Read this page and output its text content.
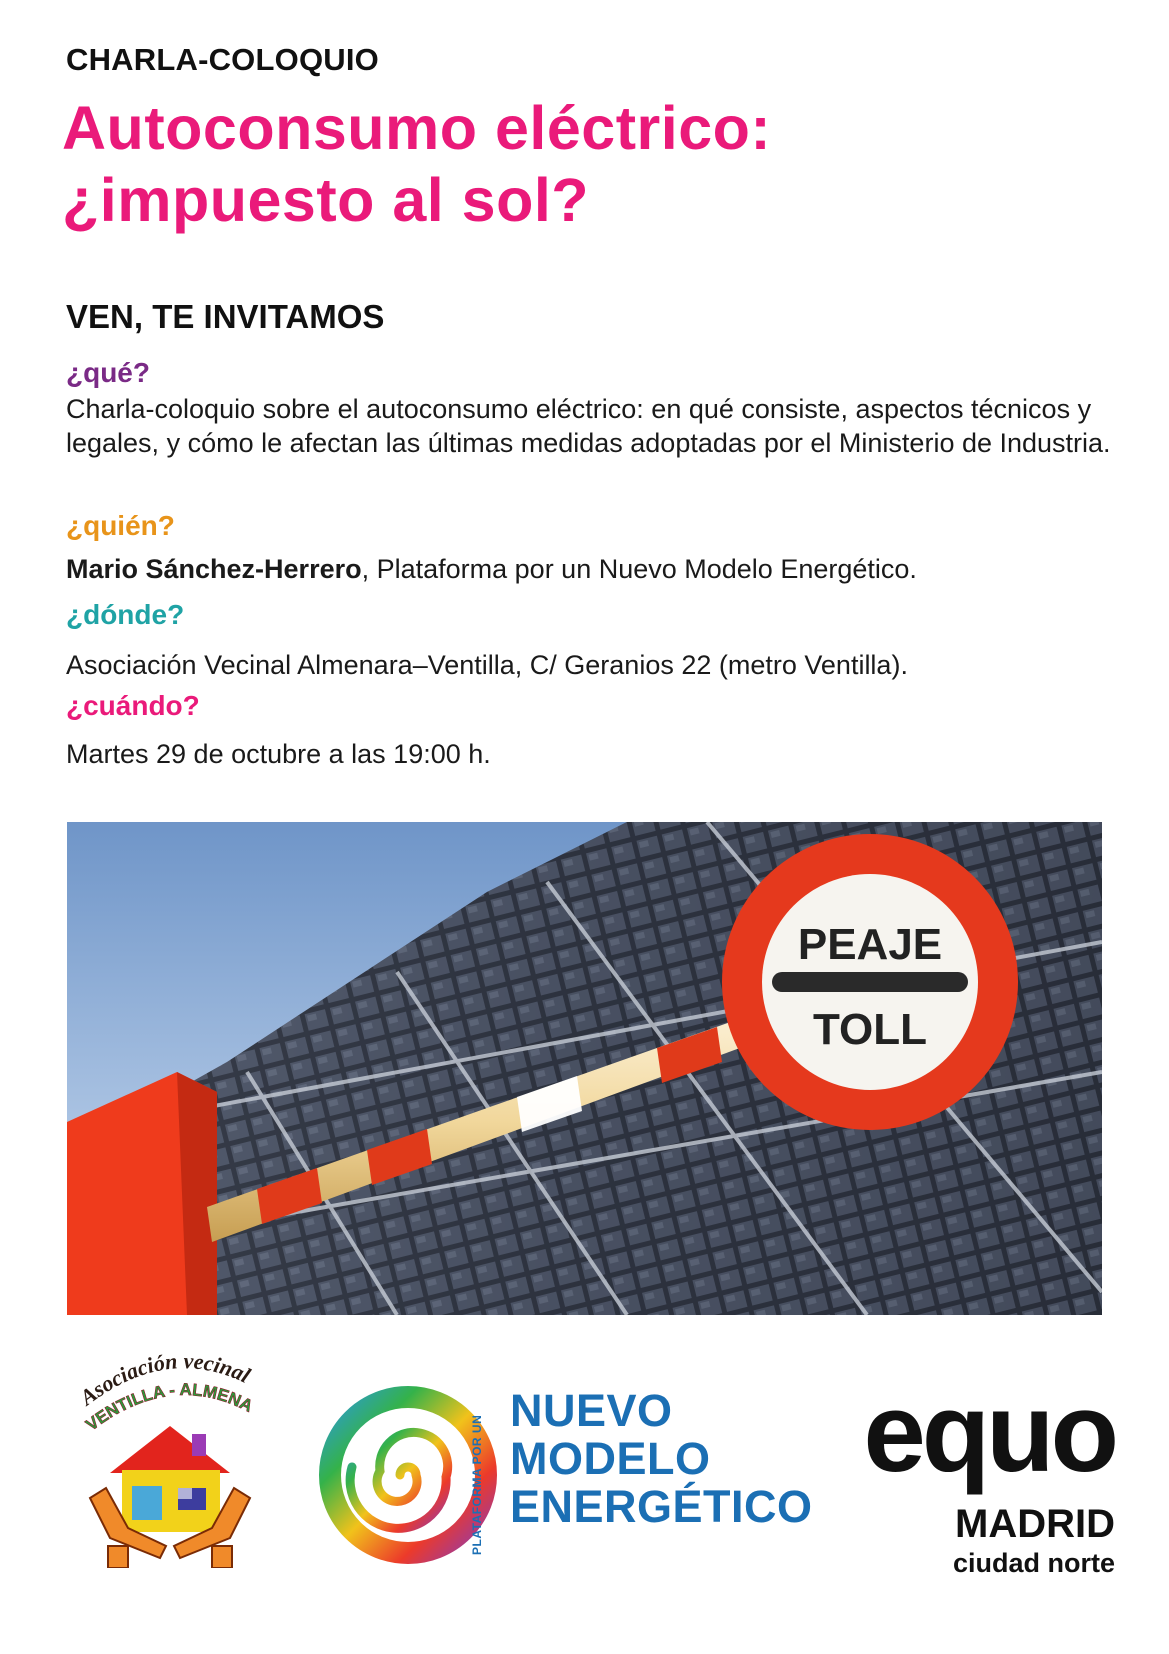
CHARLA-COLOQUIO
Autoconsumo eléctrico:
¿impuesto al sol?
VEN, TE INVITAMOS
¿qué?
Charla-coloquio sobre el autoconsumo eléctrico: en qué consiste, aspectos técnicos y legales, y cómo le afectan las últimas medidas adoptadas por el Ministerio de Industria.
¿quién?
Mario Sánchez-Herrero, Plataforma por un Nuevo Modelo Energético.
¿dónde?
Asociación Vecinal Almenara–Ventilla, C/ Geranios 22 (metro Ventilla).
¿cuándo?
Martes 29 de octubre a las 19:00 h.
PEAJE
TOLL
Asociación vecinal
VENTILLA - ALMENA
PLATAFORMA POR UN
NUEVO
MODELO
ENERGÉTICO
equo
MADRID
ciudad norte
